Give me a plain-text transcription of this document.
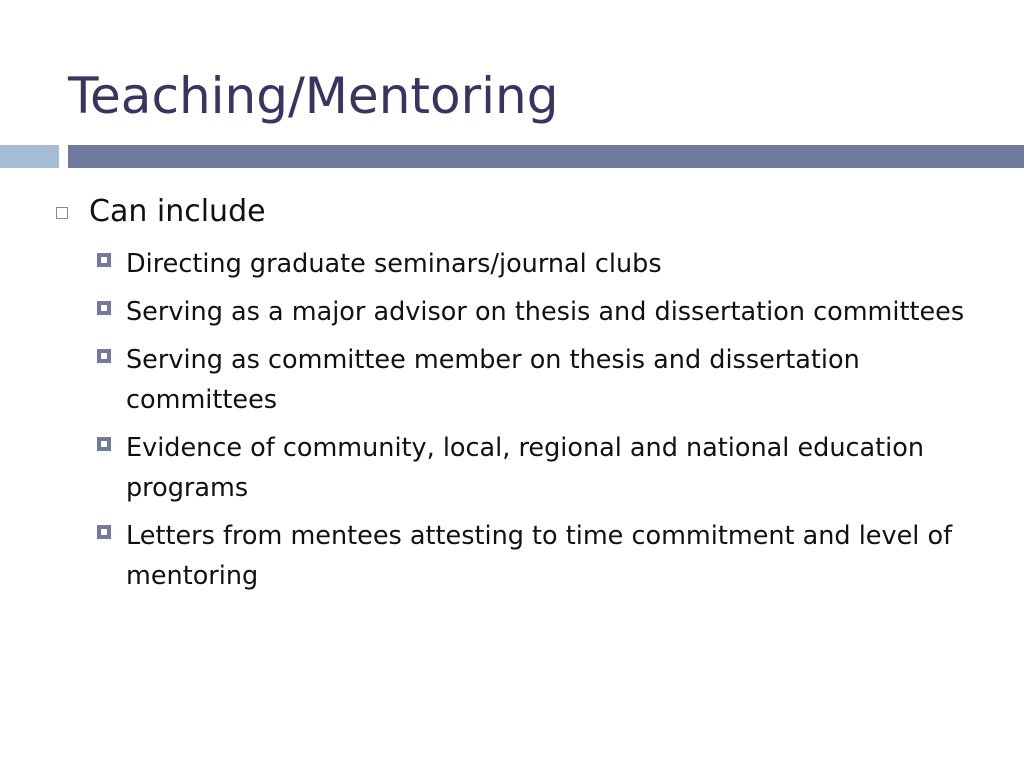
Teaching/Mentoring
Can include
Directing graduate seminars/journal clubs
Serving as a major advisor on thesis and dissertation committees
Serving as committee member on thesis and dissertation committees
Evidence of community, local, regional and national education programs
Letters from mentees attesting to time commitment and level of mentoring
